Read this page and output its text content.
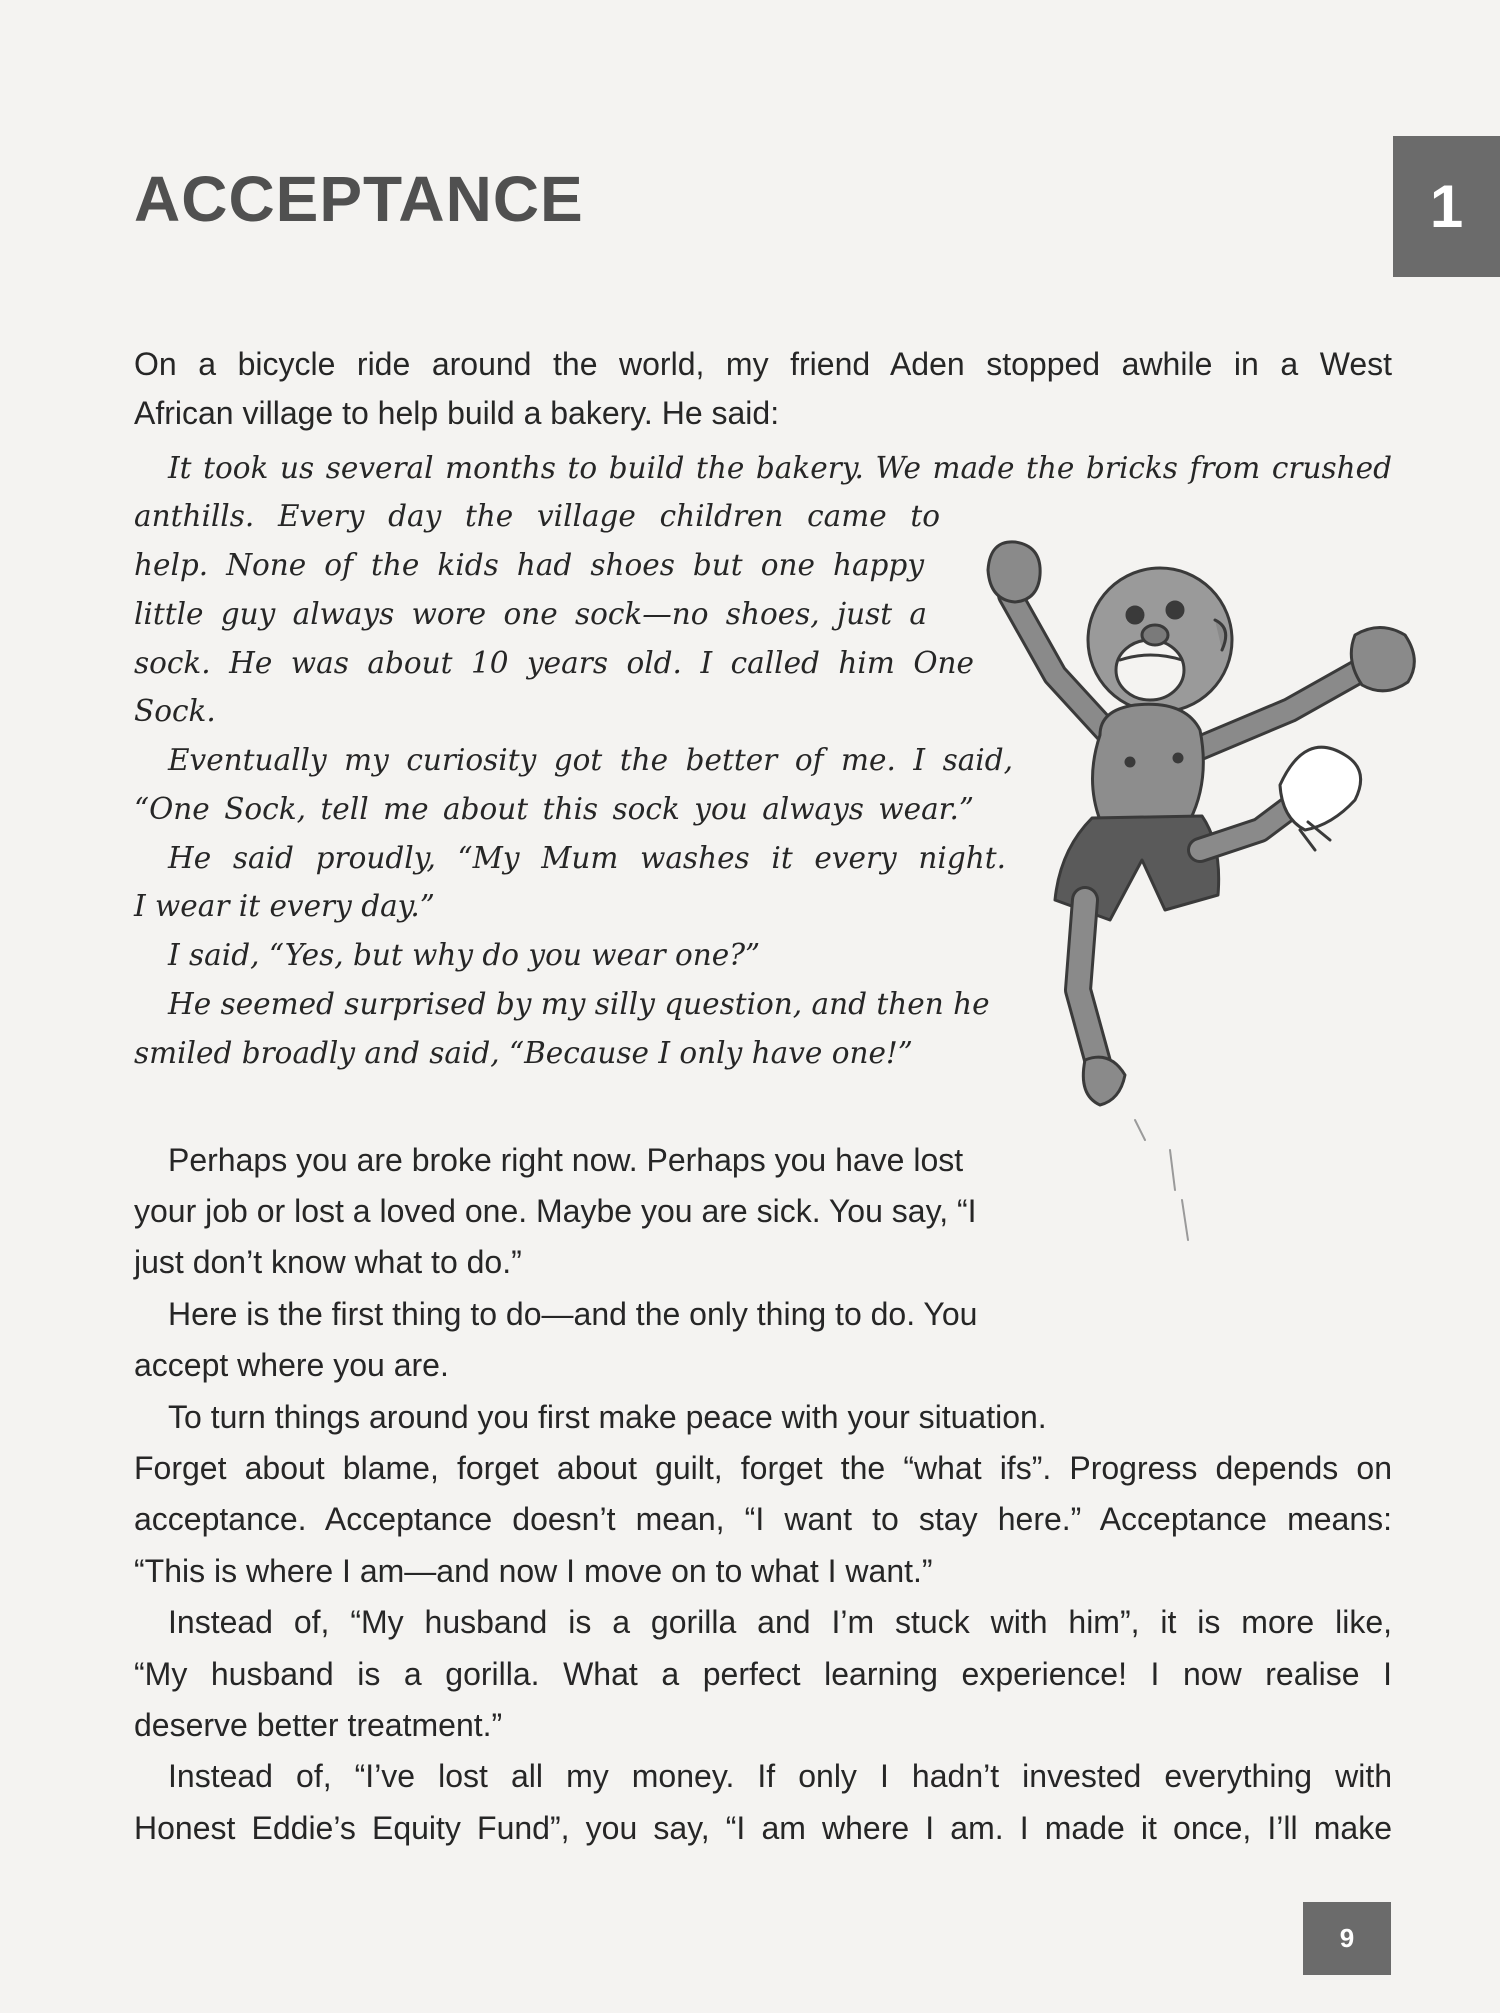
ACCEPTANCE	1

On a bicycle ride around the world, my friend Aden stopped awhile in a West

African village to help build a bakery. He said:

It took us several months to build the bakery. We made the bricks from crushed

anthills. Every day the village children came to

help. None of the kids had shoes but one happy

little guy always wore one sock—no shoes, just a

sock. He was about 10 years old. I called him One

Sock.

Eventually my curiosity got the better of me. I said,

“One Sock, tell me about this sock you always wear.”

He said proudly, “My Mum washes it every night.

I wear it every day.”

I said, “Yes, but why do you wear one?”

He seemed surprised by my silly question, and then he

smiled broadly and said, “Because I only have one!”

Perhaps you are broke right now. Perhaps you have lost

your job or lost a loved one. Maybe you are sick. You say, “I

just don’t know what to do.”

Here is the first thing to do—and the only thing to do. You

accept where you are.

To turn things around you first make peace with your situation.

Forget about blame, forget about guilt, forget the “what ifs”. Progress depends on

acceptance. Acceptance doesn’t mean, “I want to stay here.” Acceptance means:

“This is where I am—and now I move on to what I want.”

Instead of, “My husband is a gorilla and I’m stuck with him”, it is more like,

“My husband is a gorilla. What a perfect learning experience! I now realise I

deserve better treatment.”

Instead of, “I’ve lost all my money. If only I hadn’t invested everything with

Honest Eddie’s Equity Fund”, you say, “I am where I am. I made it once, I’ll make

9
